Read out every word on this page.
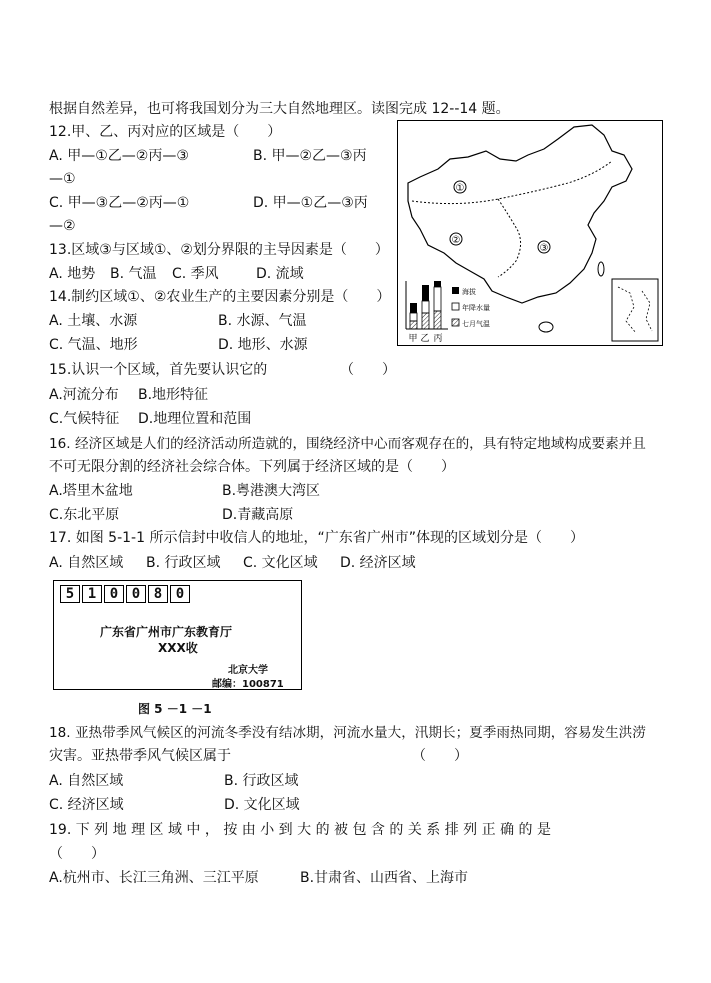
根据自然差异，也可将我国划分为三大自然地理区。读图完成 12--14 题。
12.甲、乙、丙对应的区域是（　　）
A. 甲—①乙—②丙—③	B. 甲—②乙—③丙
—①
C. 甲—③乙—②丙—①	D. 甲—①乙—③丙
—②
13.区域③与区域①、②划分界限的主导因素是（　　）
A. 地势 B. 气温 C. 季风	D. 流域
14.制约区域①、②农业生产的主要因素分别是（　　）
A. 土壤、水源	B. 水源、气温
C. 气温、地形	D. 地形、水源
①
②
③
甲 乙 丙
海拔
年降水量
七月气温
15.认识一个区域，首先要认识它的	（　　）
A.河流分布 B.地形特征
C.气候特征 D.地理位置和范围
16. 经济区域是人们的经济活动所造就的，围绕经济中心而客观存在的，具有特定地域构成要素并且
不可无限分割的经济社会综合体。下列属于经济区域的是（　　）
A.塔里木盆地	B.粤港澳大湾区
C.东北平原	D.青藏高原
17. 如图 5-1-1 所示信封中收信人的地址，“广东省广州市”体现的区域划分是（　　）
A. 自然区域 B. 行政区域 C. 文化区域 D. 经济区域
5 1 0 0 8 0
广东省广州市广东教育厅
XXX收
北京大学
邮编：100871
图 5 －1 －1
18. 亚热带季风气候区的河流冬季没有结冰期，河流水量大，汛期长；夏季雨热同期，容易发生洪涝
灾害。亚热带季风气候区属于	（　　）
A. 自然区域	B. 行政区域
C. 经济区域	D. 文化区域
19. 下 列 地 理 区 域 中 ， 按 由 小 到 大 的 被 包 含 的 关 系 排 列 正 确 的 是
（　　）
A.杭州市、长江三角洲、三江平原	B.甘肃省、山西省、上海市
